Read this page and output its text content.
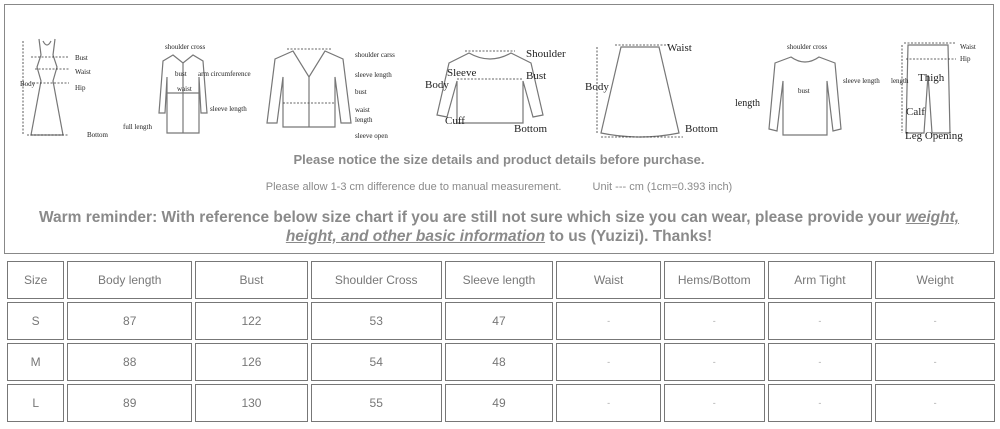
Bust
Waist
Hip
Body
Bottom
shoulder cross
bust arm circumference
waist
sleeve length
full length
shoulder carss
sleeve length
bust
waist
length
sleeve open
Shoulder
Sleeve	Bust
Body
Cuff
Bottom
Waist
Body
Bottom
shoulder cross
sleeve length
length
bust
Waist
Hip
length Thigh
Calf
Leg Opening
Please notice the size details and product details before purchase.
Please allow 1-3 cm difference due to manual measurement.	Unit --- cm (1cm=0.393 inch)
Warm reminder: With reference below size chart if you are still not sure which size you can wear, please provide your weight,
height, and other basic information to us (Yuzizi). Thanks!
Size	Body length	Bust	Shoulder Cross	Sleeve length	Waist	Hems/Bottom	Arm Tight	Weight
S	87	122	53	47	-	-	-	-
M	88	126	54	48	-	-	-	-
L	89	130	55	49	-	-	-	-
